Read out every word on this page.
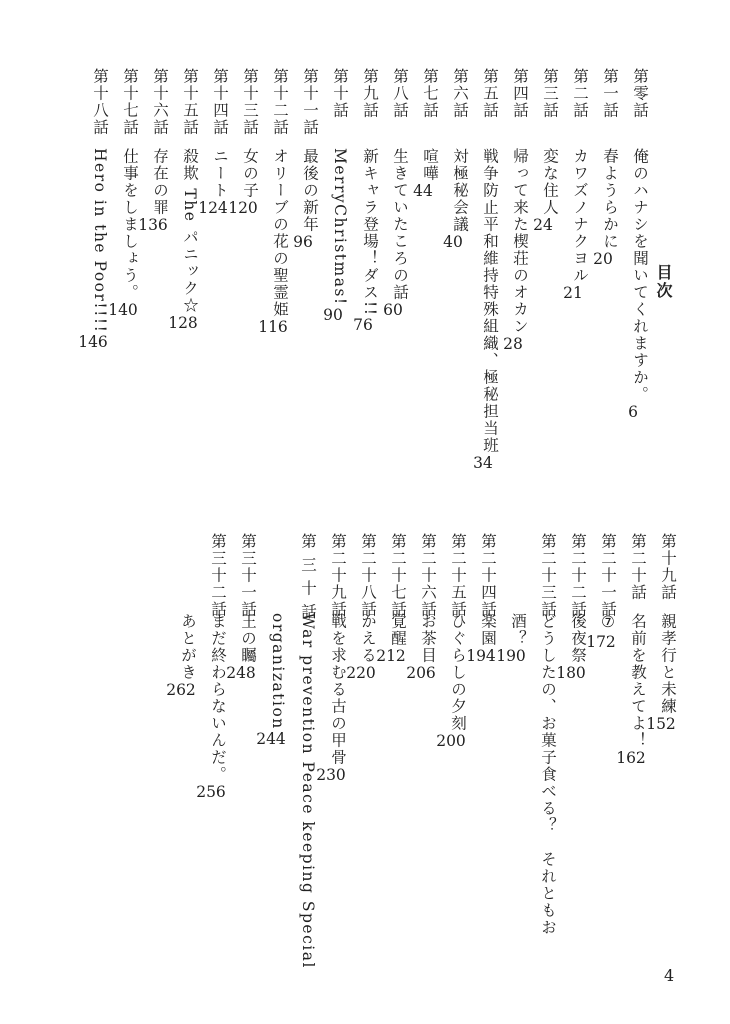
目次
第零話
俺のハナシを聞いてくれますか。
6
第一話
春ようらかに
20
第二話
カワズノナクヨル
21
第三話
変な住人
24
第四話
帰って来た楔荘のオカン
28
第五話
戦争防止平和維持特殊組織、極秘担当班
34
第六話
対極秘会議
40
第七話
喧嘩
44
第八話
生きていたころの話
60
第九話
新キャラ登場！ダス!!
76
第十話
MerryChristmas!
90
第十一話
最後の新年
96
第十二話
オリーブの花の聖霊姫
116
第十三話
女の子
120
第十四話
ニート
124
第十五話
殺欺 The パニック☆
128
第十六話
存在の罪
136
第十七話
仕事をしましょう。
140
第十八話
Hero in the Poor!!!!
146
第十九話
親孝行と未練
152
第二十話
名前を教えてよ！
162
第二十一話
⑦
172
第二十二話
後夜祭
180
第二十三話
どうしたの、お菓子食べる？　それともお
酒？
190
第二十四話
楽園
194
第二十五話
ひぐらしの夕刻
200
第二十六話
お茶目
206
第二十七話
覚醒
212
第二十八話
かえる
220
第二十九話
戦を求むる古の甲骨
230
第 三 十 話
War prevention Peace keeping Special
organization
244
第三十一話
王の矚
248
第三十二話
まだ終わらないんだ。
256
あとがき
262
4
